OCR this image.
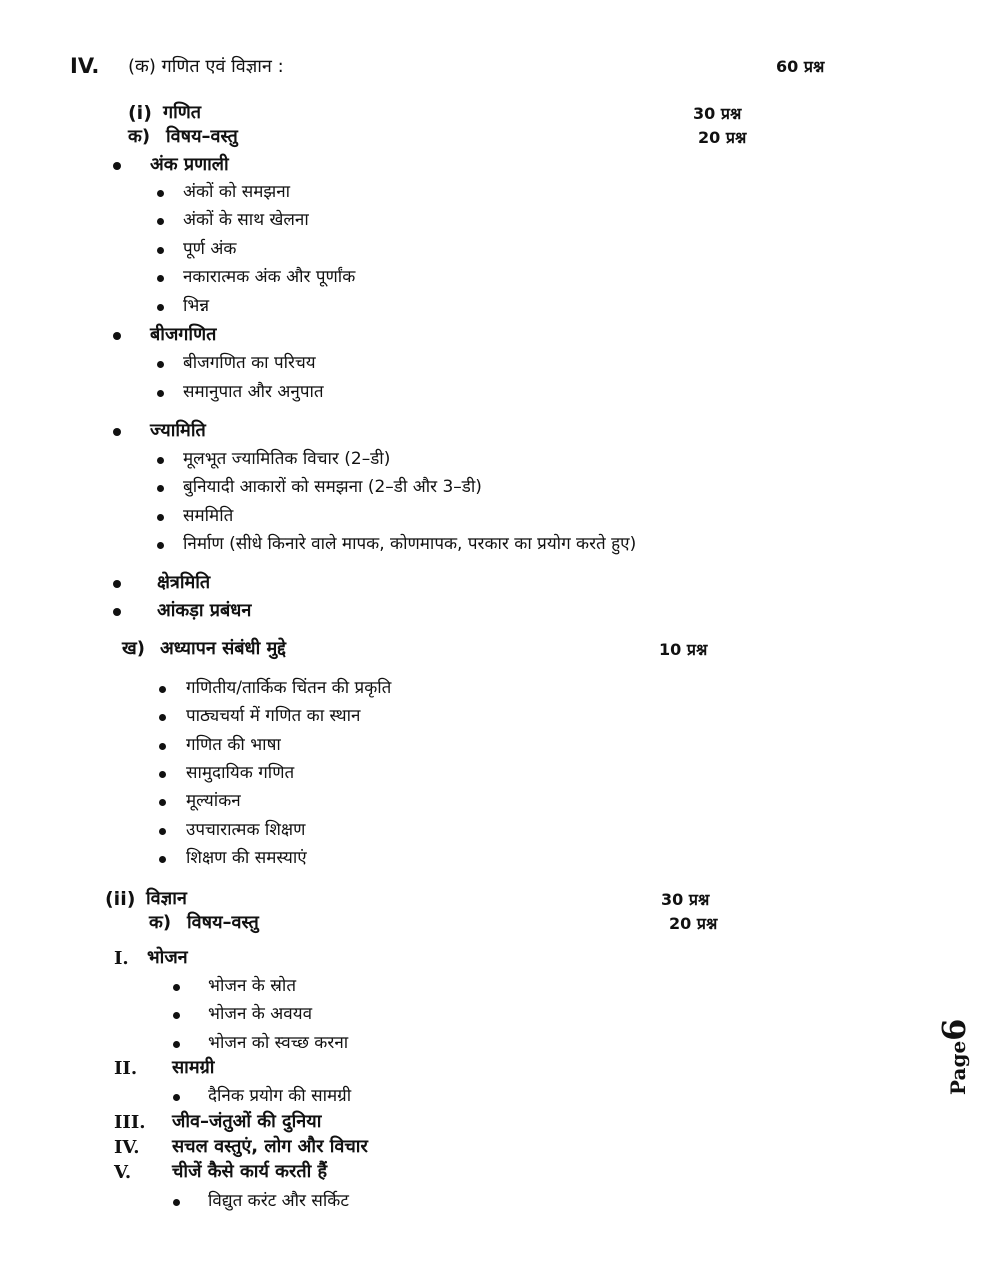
IV. (क) गणित एवं विज्ञान :	60 प्रश्न
(i) गणित	30 प्रश्न
क) विषय–वस्तु	20 प्रश्न
अंक प्रणाली
अंकों को समझना
अंकों के साथ खेलना
पूर्ण अंक
नकारात्मक अंक और पूर्णांक
भिन्न
बीजगणित
बीजगणित का परिचय
समानुपात और अनुपात
ज्यामिति
मूलभूत ज्यामितिक विचार (2–डी)
बुनियादी आकारों को समझना (2–डी और 3–डी)
सममिति
निर्माण (सीधे किनारे वाले मापक, कोणमापक, परकार का प्रयोग करते हुए)
क्षेत्रमिति
आंकड़ा प्रबंधन
ख) अध्यापन संबंधी मुद्दे	10 प्रश्न
गणितीय/तार्किक चिंतन की प्रकृति
पाठ्यचर्या में गणित का स्थान
गणित की भाषा
सामुदायिक गणित
मूल्यांकन
उपचारात्मक शिक्षण
शिक्षण की समस्याएं
(ii) विज्ञान	30 प्रश्न
क) विषय–वस्तु	20 प्रश्न
I. भोजन
भोजन के स्रोत
भोजन के अवयव
भोजन को स्वच्छ करना
II. सामग्री
दैनिक प्रयोग की सामग्री
III. जीव–जंतुओं की दुनिया
IV. सचल वस्तुएं, लोग और विचार
V. चीजें कैसे कार्य करती हैं
विद्युत करंट और सर्किट
Page6
